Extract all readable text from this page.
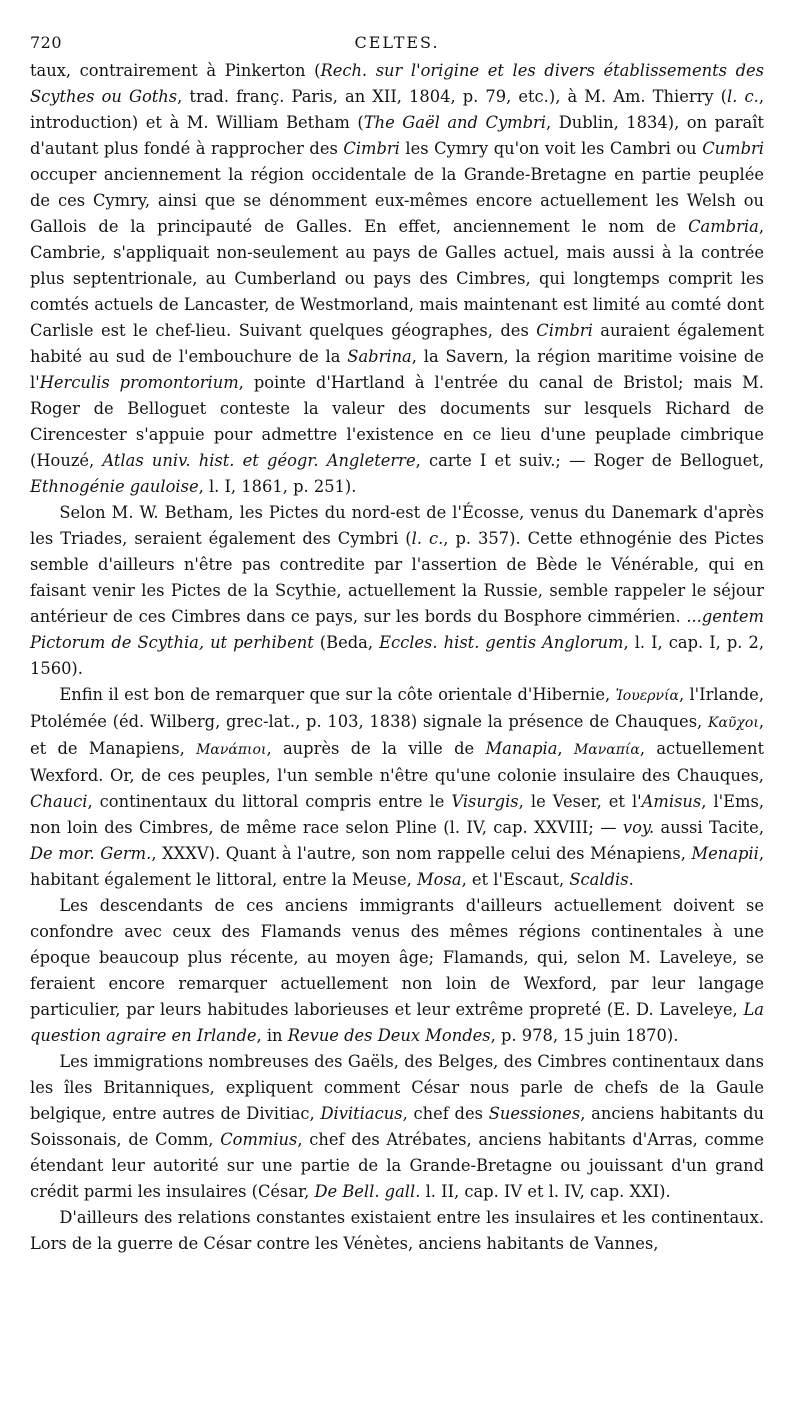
720	CELTES.

taux, contrairement à Pinkerton (Rech. sur l'origine et les divers établissements des Scythes ou Goths, trad. franç. Paris, an XII, 1804, p. 79, etc.), à M. Am. Thierry (l. c., introduction) et à M. William Betham (The Gaël and Cymbri, Dublin, 1834), on paraît d'autant plus fondé à rapprocher des Cimbri les Cymry qu'on voit les Cambri ou Cumbri occuper anciennement la région occidentale de la Grande-Bretagne en partie peuplée de ces Cymry, ainsi que se dénomment eux-mêmes encore actuellement les Welsh ou Gallois de la principauté de Galles. En effet, anciennement le nom de Cambria, Cambrie, s'appliquait non-seulement au pays de Galles actuel, mais aussi à la contrée plus septentrionale, au Cumberland ou pays des Cimbres, qui longtemps comprit les comtés actuels de Lancaster, de Westmorland, mais maintenant est limité au comté dont Carlisle est le chef-lieu. Suivant quelques géographes, des Cimbri auraient également habité au sud de l'embouchure de la Sabrina, la Savern, la région maritime voisine de l'Herculis promontorium, pointe d'Hartland à l'entrée du canal de Bristol; mais M. Roger de Belloguet conteste la valeur des documents sur lesquels Richard de Cirencester s'appuie pour admettre l'existence en ce lieu d'une peuplade cimbrique (Houzé, Atlas univ. hist. et géogr. Angleterre, carte I et suiv.; — Roger de Belloguet, Ethnogénie gauloise, l. I, 1861, p. 251).

Selon M. W. Betham, les Pictes du nord-est de l'Écosse, venus du Danemark d'après les Triades, seraient également des Cymbri (l. c., p. 357). Cette ethnogénie des Pictes semble d'ailleurs n'être pas contredite par l'assertion de Bède le Vénérable, qui en faisant venir les Pictes de la Scythie, actuellement la Russie, semble rappeler le séjour antérieur de ces Cimbres dans ce pays, sur les bords du Bosphore cimmérien. ...gentem Pictorum de Scythia, ut perhibent (Beda, Eccles. hist. gentis Anglorum, l. I, cap. I, p. 2, 1560).

Enfin il est bon de remarquer que sur la côte orientale d'Hibernie, Ἰουερνία, l'Irlande, Ptolémée (éd. Wilberg, grec-lat., p. 103, 1838) signale la présence de Chauques, Καῦχοι, et de Manapiens, Μανάπιοι, auprès de la ville de Manapia, Μαναπία, actuellement Wexford. Or, de ces peuples, l'un semble n'être qu'une colonie insulaire des Chauques, Chauci, continentaux du littoral compris entre le Visurgis, le Veser, et l'Amisus, l'Ems, non loin des Cimbres, de même race selon Pline (l. IV, cap. XXVIII; — voy. aussi Tacite, De mor. Germ., XXXV). Quant à l'autre, son nom rappelle celui des Ménapiens, Menapii, habitant également le littoral, entre la Meuse, Mosa, et l'Escaut, Scaldis.

Les descendants de ces anciens immigrants d'ailleurs actuellement doivent se confondre avec ceux des Flamands venus des mêmes régions continentales à une époque beaucoup plus récente, au moyen âge; Flamands, qui, selon M. Laveleye, se feraient encore remarquer actuellement non loin de Wexford, par leur langage particulier, par leurs habitudes laborieuses et leur extrême propreté (E. D. Laveleye, La question agraire en Irlande, in Revue des Deux Mondes, p. 978, 15 juin 1870).

Les immigrations nombreuses des Gaëls, des Belges, des Cimbres continentaux dans les îles Britanniques, expliquent comment César nous parle de chefs de la Gaule belgique, entre autres de Divitiac, Divitiacus, chef des Suessiones, anciens habitants du Soissonais, de Comm, Commius, chef des Atrébates, anciens habitants d'Arras, comme étendant leur autorité sur une partie de la Grande-Bretagne ou jouissant d'un grand crédit parmi les insulaires (César, De Bell. gall. l. II, cap. IV et l. IV, cap. XXI).

D'ailleurs des relations constantes existaient entre les insulaires et les continentaux. Lors de la guerre de César contre les Vénètes, anciens habitants de Vannes,
